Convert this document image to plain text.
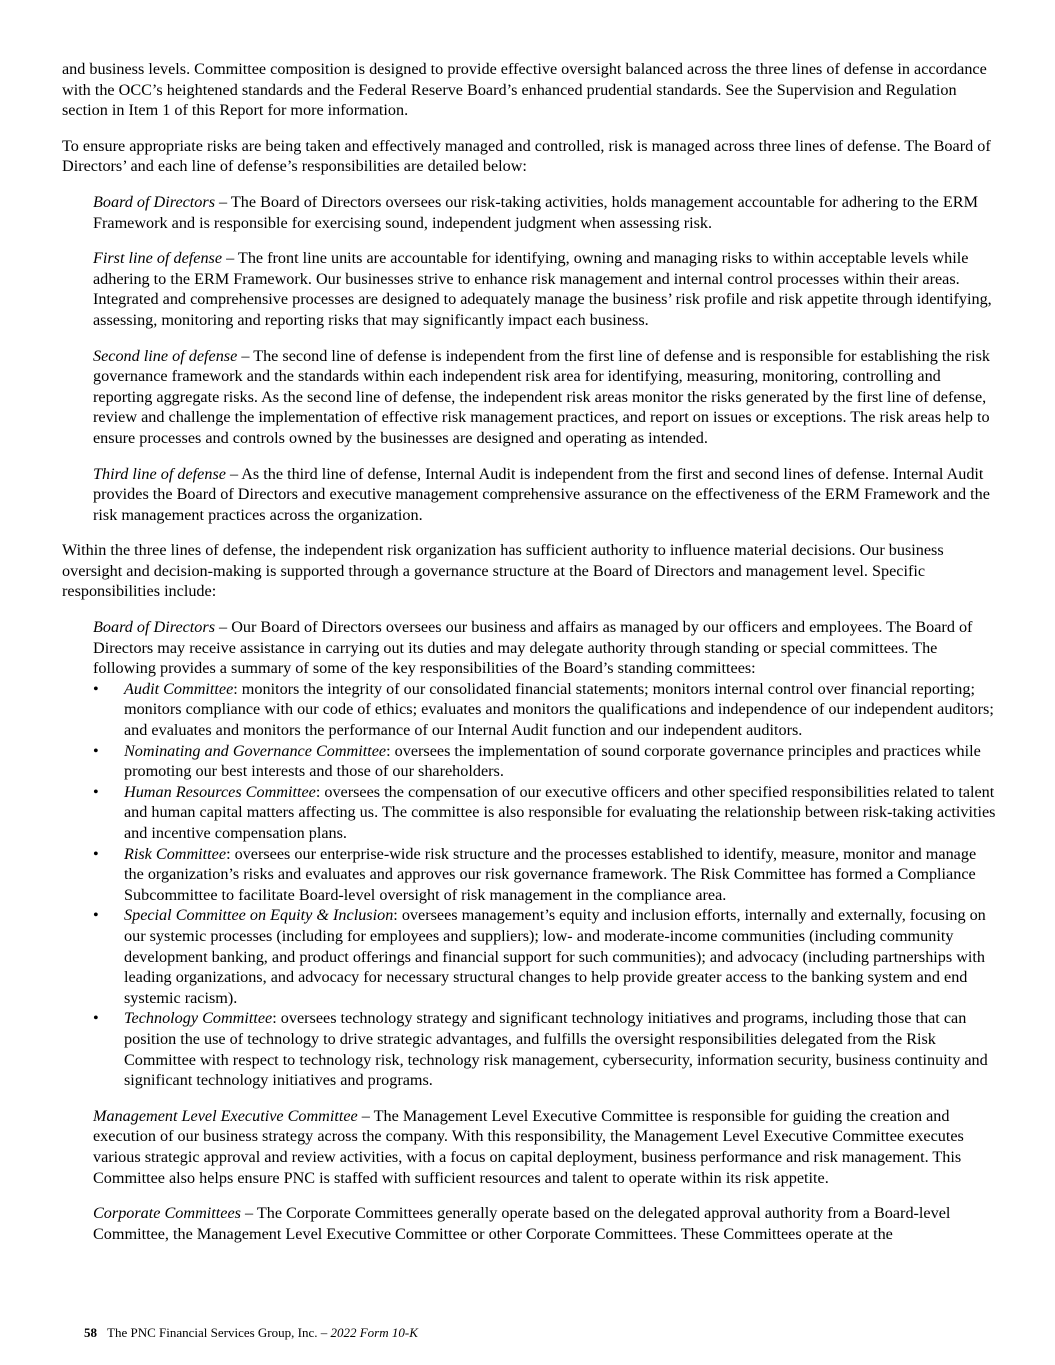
and business levels. Committee composition is designed to provide effective oversight balanced across the three lines of defense in accordance with the OCC’s heightened standards and the Federal Reserve Board’s enhanced prudential standards. See the Supervision and Regulation section in Item 1 of this Report for more information.

To ensure appropriate risks are being taken and effectively managed and controlled, risk is managed across three lines of defense. The Board of Directors’ and each line of defense’s responsibilities are detailed below:

Board of Directors – The Board of Directors oversees our risk-taking activities, holds management accountable for adhering to the ERM Framework and is responsible for exercising sound, independent judgment when assessing risk.

First line of defense – The front line units are accountable for identifying, owning and managing risks to within acceptable levels while adhering to the ERM Framework. Our businesses strive to enhance risk management and internal control processes within their areas. Integrated and comprehensive processes are designed to adequately manage the business’ risk profile and risk appetite through identifying, assessing, monitoring and reporting risks that may significantly impact each business.

Second line of defense – The second line of defense is independent from the first line of defense and is responsible for establishing the risk governance framework and the standards within each independent risk area for identifying, measuring, monitoring, controlling and reporting aggregate risks. As the second line of defense, the independent risk areas monitor the risks generated by the first line of defense, review and challenge the implementation of effective risk management practices, and report on issues or exceptions. The risk areas help to ensure processes and controls owned by the businesses are designed and operating as intended.

Third line of defense – As the third line of defense, Internal Audit is independent from the first and second lines of defense. Internal Audit provides the Board of Directors and executive management comprehensive assurance on the effectiveness of the ERM Framework and the risk management practices across the organization.

Within the three lines of defense, the independent risk organization has sufficient authority to influence material decisions. Our business oversight and decision-making is supported through a governance structure at the Board of Directors and management level. Specific responsibilities include:

Board of Directors – Our Board of Directors oversees our business and affairs as managed by our officers and employees. The Board of Directors may receive assistance in carrying out its duties and may delegate authority through standing or special committees. The following provides a summary of some of the key responsibilities of the Board’s standing committees:

• Audit Committee: monitors the integrity of our consolidated financial statements; monitors internal control over financial reporting; monitors compliance with our code of ethics; evaluates and monitors the qualifications and independence of our independent auditors; and evaluates and monitors the performance of our Internal Audit function and our independent auditors.
• Nominating and Governance Committee: oversees the implementation of sound corporate governance principles and practices while promoting our best interests and those of our shareholders.
• Human Resources Committee: oversees the compensation of our executive officers and other specified responsibilities related to talent and human capital matters affecting us. The committee is also responsible for evaluating the relationship between risk-taking activities and incentive compensation plans.
• Risk Committee: oversees our enterprise-wide risk structure and the processes established to identify, measure, monitor and manage the organization’s risks and evaluates and approves our risk governance framework. The Risk Committee has formed a Compliance Subcommittee to facilitate Board-level oversight of risk management in the compliance area.
• Special Committee on Equity & Inclusion: oversees management’s equity and inclusion efforts, internally and externally, focusing on our systemic processes (including for employees and suppliers); low- and moderate-income communities (including community development banking, and product offerings and financial support for such communities); and advocacy (including partnerships with leading organizations, and advocacy for necessary structural changes to help provide greater access to the banking system and end systemic racism).
• Technology Committee: oversees technology strategy and significant technology initiatives and programs, including those that can position the use of technology to drive strategic advantages, and fulfills the oversight responsibilities delegated from the Risk Committee with respect to technology risk, technology risk management, cybersecurity, information security, business continuity and significant technology initiatives and programs.

Management Level Executive Committee – The Management Level Executive Committee is responsible for guiding the creation and execution of our business strategy across the company. With this responsibility, the Management Level Executive Committee executes various strategic approval and review activities, with a focus on capital deployment, business performance and risk management. This Committee also helps ensure PNC is staffed with sufficient resources and talent to operate within its risk appetite.

Corporate Committees – The Corporate Committees generally operate based on the delegated approval authority from a Board-level Committee, the Management Level Executive Committee or other Corporate Committees. These Committees operate at the

58 The PNC Financial Services Group, Inc. – 2022 Form 10-K
